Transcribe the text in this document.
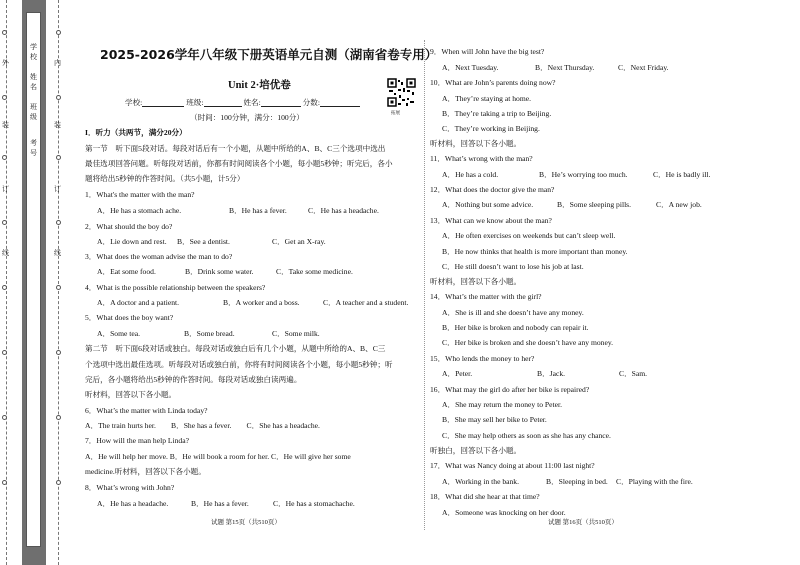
外
装
订
线
内
装
订
线
学校
姓名
班级
考号
2025-2026学年八年级下册英语单元自测（湖南省卷专用）
Unit 2·培优卷
学校:	班级:	姓名:	分数:
（时间：100分钟，满分：100分）
拓展
I．听力（共两节，满分20分）
第一节　听下面5段对话。每段对话后有一个小题，从题中所给的A、B、C三个选项中选出
最佳选项回答问题。听每段对话前，你都有时间阅读各个小题，每小题5秒钟；听完后，各小
题将给出5秒钟的作答时间。（共5小题，计5分）
1．What's the matter with the man?
A．He has a stomach ache.	B．He has a fever.	C．He has a headache.
2．What should the boy do?
A．Lie down and rest. B．See a dentist.	C．Get an X-ray.
3．What does the woman advise the man to do?
A．Eat some food.	B．Drink some water.	C．Take some medicine.
4．What is the possible relationship between the speakers?
A．A doctor and a patient.	B．A worker and a boss.	C．A teacher and a student.
5．What does the boy want?
A．Some tea.	B．Some bread.	C．Some milk.
第二节　听下面6段对话或独白。每段对话或独白后有几个小题，从题中所给的A、B、C三
个选项中选出最佳选项。听每段对话或独白前，你将有时间阅读各个小题，每小题5秒钟；听
完后，各小题将给出5秒钟的作答时间。每段对话或独白读两遍。
听材料，回答以下各小题。
6．What’s the matter with Linda today?
A．The train hurts her.　　B．She has a fever.　　C．She has a headache.
7．How will the man help Linda?
A．He will help her move. B．He will book a room for her. C．He will give her some
medicine.听材料，回答以下各小题。
8．What’s wrong with John?
A．He has a headache.	B．He has a fever.	C．He has a stomachache.
试题 第15页（共510页）
9．When will John have the big test?
A．Next Tuesday.	B．Next Thursday.	C．Next Friday.
10．What are John’s parents doing now?
A．They’re staying at home.
B．They’re taking a trip to Beijing.
C．They’re working in Beijing.
听材料，回答以下各小题。
11．What’s wrong with the man?
A．He has a cold.	B．He’s worrying too much.	C．He is badly ill.
12．What does the doctor give the man?
A．Nothing but some advice.	B．Some sleeping pills.	C．A new job.
13．What can we know about the man?
A．He often exercises on weekends but can’t sleep well.
B．He now thinks that health is more important than money.
C．He still doesn’t want to lose his job at last.
听材料，回答以下各小题。
14．What’s the matter with the girl?
A．She is ill and she doesn’t have any money.
B．Her bike is broken and nobody can repair it.
C．Her bike is broken and she doesn’t have any money.
15．Who lends the money to her?
A．Peter.	B．Jack.	C．Sam.
16．What may the girl do after her bike is repaired?
A．She may return the money to Peter.
B．She may sell her bike to Peter.
C．She may help others as soon as she has any chance.
听独白，回答以下各小题。
17．What was Nancy doing at about 11:00 last night?
A．Working in the bank.	B．Sleeping in bed. C．Playing with the fire.
18．What did she hear at that time?
A．Someone was knocking on her door.
试题 第16页（共510页）
